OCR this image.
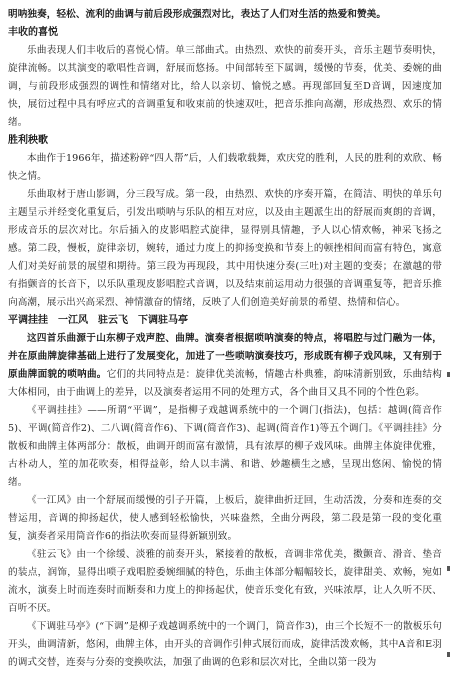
明呐独奏，轻松、流利的曲调与前后段形成强烈对比，表达了人们对生活的热爱和赞美。

丰收的喜悦

乐曲表现人们丰收后的喜悦心情。单三部曲式。由热烈、欢快的前奏开头，音乐主题节奏明快，旋律流畅。以其演变的歌唱性音调，舒展而悠扬。中间部转至下属调，缓慢的节奏，优美、委婉的曲调，与前段形成强烈的调性和情绪对比，给人以亲切、愉悦之感。再现部回复至D音调，因速度加快，展衍过程中具有呼应式的音调重复和收束前的快速双吐，把音乐推向高潮，形成热烈、欢乐的情绪。

胜利秧歌

本曲作于1966年，描述粉碎“四人帮”后，人们载歌载舞，欢庆党的胜利，人民的胜利的欢欣、畅快之情。

乐曲取材于唐山影调，分三段写成。第一段，由热烈、欢快的序奏开篇，在简洁、明快的单乐句主题呈示并经变化重复后，引发出唢呐与乐队的相互对应，以及由主题派生出的舒展而爽朗的音调，形成音乐的层次对比。尔后插入的皮影唱腔式旋律，显得别具情趣，予人以心情欢畅，神采飞扬之感。第二段，慢板，旋律亲切，婉转，通过力度上的抑扬变换和节奏上的顿挫相间而富有特色，寓意人们对美好前景的展望和期待。第三段为再现段，其中用快速分奏(三吐)对主题的变奏；在激越的带有指颤音的长音下，以乐队重现皮影唱腔式音调，以及结束前运用动力很强的音调重复等，把音乐推向高潮，展示出兴高采烈、神情激奋的情绪，反映了人们创造美好前景的希望、热情和信心。

平调挂挂　一江风　驻云飞　下调驻马亭

这四首乐曲源于山东柳子戏声腔、曲牌。演奏者根据唢呐演奏的特点，将唱腔与过门融为一体，并在原曲牌旋律基础上进行了发展变化，加进了一些唢呐演奏技巧，形成既有柳子戏风味，又有别于原曲牌面貌的唢呐曲。它们的共同特点是：旋律优美流畅，情趣古朴典雅，韵味清新别致，乐曲结构大体相同，由于曲调上的差异，以及演奏者运用不同的处理方式，各个曲目又具不同的个性色彩。

《平调挂挂》——所谓“平调”，是指柳子戏越调系统中的一个调门(指法)，包括：越调(简音作5)、平调(简音作2)、二八调(简音作6)、下调(简音作3)、起调(简音作1)等五个调门。《平调挂挂》分散板和曲牌主体两部分：散板，曲调开朗而富有激情，具有浓厚的柳子戏风味。曲牌主体旋律优雅，古朴动人，笙的加花吹奏，相得益彰，给人以丰满、和谐、妙趣横生之感，呈现出悠闲、愉悦的情绪。

《一江风》由一个舒展而缓慢的引子开篇，上板后，旋律曲折迂回，生动活泼，分奏和连奏的交替运用，音调的抑扬起伏，使人感到轻松愉快，兴味盎然，全曲分两段，第二段是第一段的变化重复，演奏者采用筒音作6的指法吹奏而显得新颖别致。

《驻云飞》由一个徐缓、淡雅的前奏开头，紧接着的散板，音调非常优美，擞颤音、滑音、垫音的装点，润饰，显得出唢子戏唱腔委婉细腻的特色，乐曲主体部分幅幅较长，旋律甜美、欢畅，宛如流水，演奏上时而连奏时而断奏和力度上的抑扬起伏，使音乐变化有致，兴味浓厚，让人久听不厌、百听不厌。

《下调驻马亭》(“下调”是柳子戏越调系统中的一个调门，筒音作3)，由三个长短不一的散板乐句开头，曲调清新，悠闲，曲牌主体，由开头的音调作引伸式展衍而成，旋律活泼欢畅，其中A音和E羽的调式交替，连奏与分奏的变换吹法，加强了曲调的色彩和层次对比，全曲以第一段为
